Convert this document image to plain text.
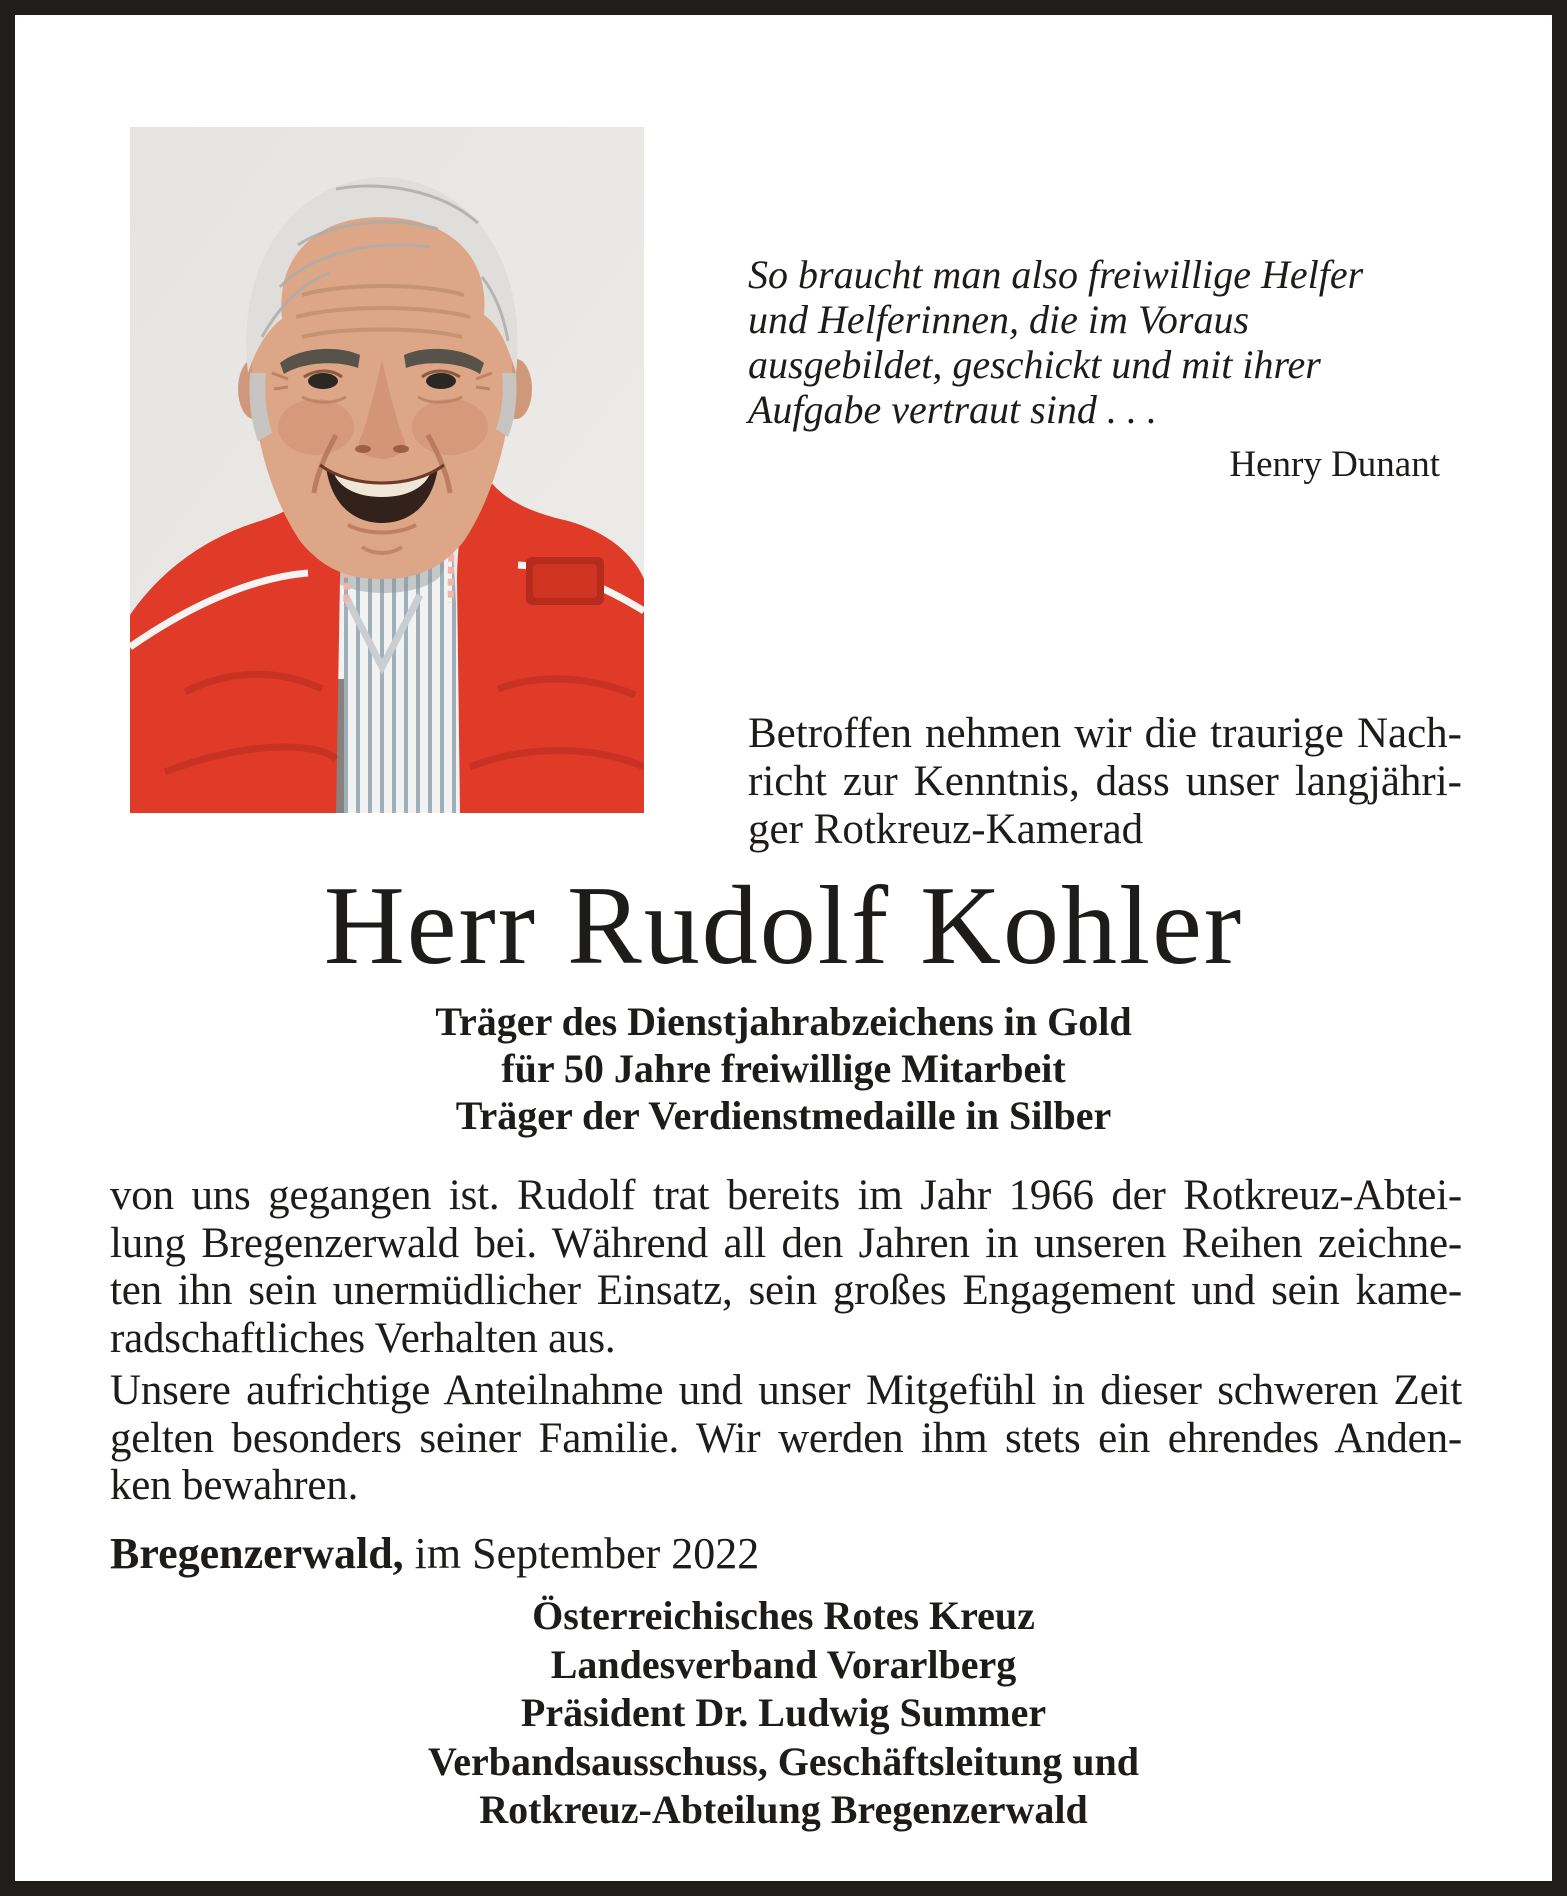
So braucht man also freiwillige Helfer
und Helferinnen, die im Voraus
ausgebildet, geschickt und mit ihrer
Aufgabe vertraut sind . . .
Henry Dunant
Betroffen nehmen wir die traurige Nach-
richt zur Kenntnis, dass unser langjähri-
ger Rotkreuz-Kamerad
Herr Rudolf Kohler
Träger des Dienstjahrabzeichens in Gold
für 50 Jahre freiwillige Mitarbeit
Träger der Verdienstmedaille in Silber
von uns gegangen ist. Rudolf trat bereits im Jahr 1966 der Rotkreuz-Abtei-
lung Bregenzerwald bei. Während all den Jahren in unseren Reihen zeichne-
ten ihn sein unermüdlicher Einsatz, sein großes Engagement und sein kame-
radschaftliches Verhalten aus.
Unsere aufrichtige Anteilnahme und unser Mitgefühl in dieser schweren Zeit
gelten besonders seiner Familie. Wir werden ihm stets ein ehrendes Anden-
ken bewahren.
Bregenzerwald, im September 2022
Österreichisches Rotes Kreuz
Landesverband Vorarlberg
Präsident Dr. Ludwig Summer
Verbandsausschuss, Geschäftsleitung und
Rotkreuz-Abteilung Bregenzerwald
